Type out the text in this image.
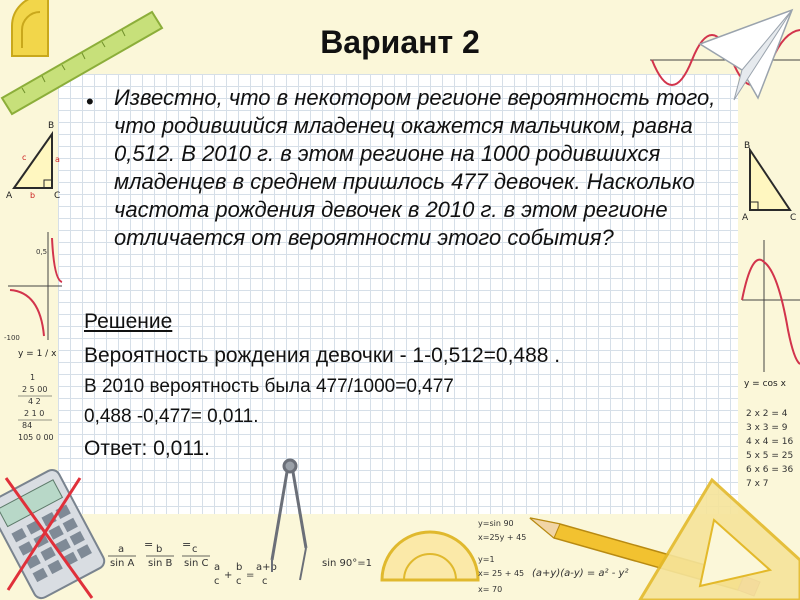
B
A	C
a
b
c
0,5
-100
y = 1 / x
1
2 5 00
4 2
2 1 0
84
105 0 00
a
sin A
= b
sin B
= c
sin C a
c
+
b
c
=
a+b
c
sin 90°=1
y=sin 90
x=25y + 45
y=1
x= 25 + 45
x= 70
(a+y)(a-y) = a² - y²
B
A	C
y = cos x
2 x 2 = 4
3 x 3 = 9
4 x 4 = 16
5 x 5 = 25
6 x 6 = 36
7 x 7
Вариант 2
• Известно, что в некотором регионе вероятность того, что родившийся младенец окажется мальчиком, равна 0,512. В 2010 г. в этом регионе на 1000 родившихся младенцев в среднем пришлось 477 девочек. Насколько частота рождения девочек в 2010 г. в этом регионе отличается от вероятности этого события?

Решение
Вероятность рождения девочки - 1-0,512=0,488 .
В 2010 вероятность была 477/1000=0,477
0,488 -0,477= 0,011.
Ответ: 0,011.
